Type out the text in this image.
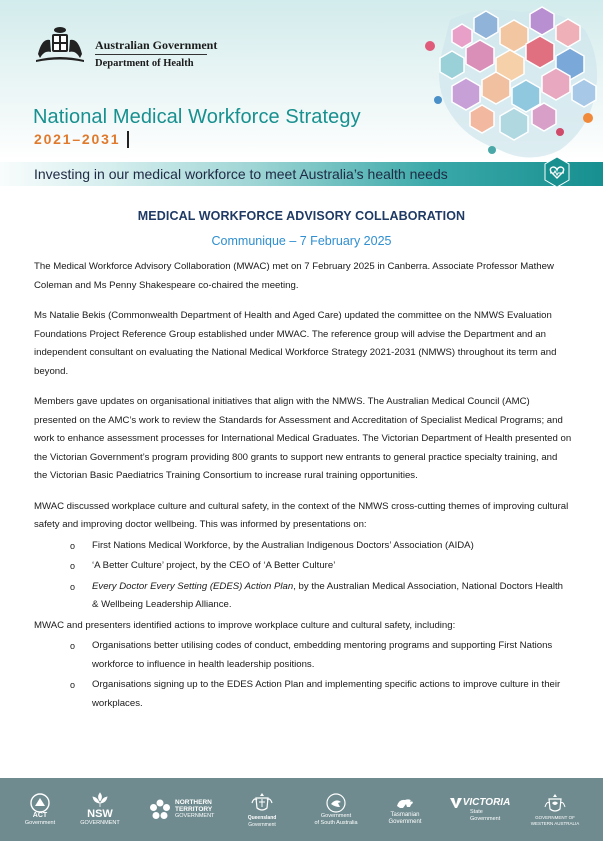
Australian Government
Department of Health
National Medical Workforce Strategy
2021–2031
Investing in our medical workforce to meet Australia’s health needs
MEDICAL WORKFORCE ADVISORY COLLABORATION
Communique – 7 February 2025

The Medical Workforce Advisory Collaboration (MWAC) met on 7 February 2025 in Canberra. Associate Professor Mathew Coleman and Ms Penny Shakespeare co-chaired the meeting.

Ms Natalie Bekis (Commonwealth Department of Health and Aged Care) updated the committee on the NMWS Evaluation Foundations Project Reference Group established under MWAC. The reference group will advise the Department and an independent consultant on evaluating the National Medical Workforce Strategy 2021-2031 (NMWS) throughout its term and beyond.

Members gave updates on organisational initiatives that align with the NMWS. The Australian Medical Council (AMC) presented on the AMC’s work to review the Standards for Assessment and Accreditation of Specialist Medical Programs; and work to enhance assessment processes for International Medical Graduates. The Victorian Department of Health presented on the Victorian Government’s program providing 800 grants to support new entrants to general practice specialty training, and the Victorian Basic Paediatrics Training Consortium to increase rural training opportunities.

MWAC discussed workplace culture and cultural safety, in the context of the NMWS cross-cutting themes of improving cultural safety and improving doctor wellbeing. This was informed by presentations on:

o First Nations Medical Workforce, by the Australian Indigenous Doctors’ Association (AIDA)
o ‘A Better Culture’ project, by the CEO of ‘A Better Culture’
o Every Doctor Every Setting (EDES) Action Plan, by the Australian Medical Association, National Doctors Health & Wellbeing Leadership Alliance.

MWAC and presenters identified actions to improve workplace culture and cultural safety, including:

o Organisations better utilising codes of conduct, embedding mentoring programs and supporting First Nations workforce to influence in health leadership positions.
o Organisations signing up to the EDES Action Plan and implementing specific actions to improve culture in their workplaces.
ACT
Government
NSW
GOVERNMENT
NORTHERN TERRITORY
GOVERNMENT	Queensland
Government
Government
of South Australia
Tasmanian
Government
VICTORIA
State Government	GOVERNMENT OF
WESTERN AUSTRALIA
